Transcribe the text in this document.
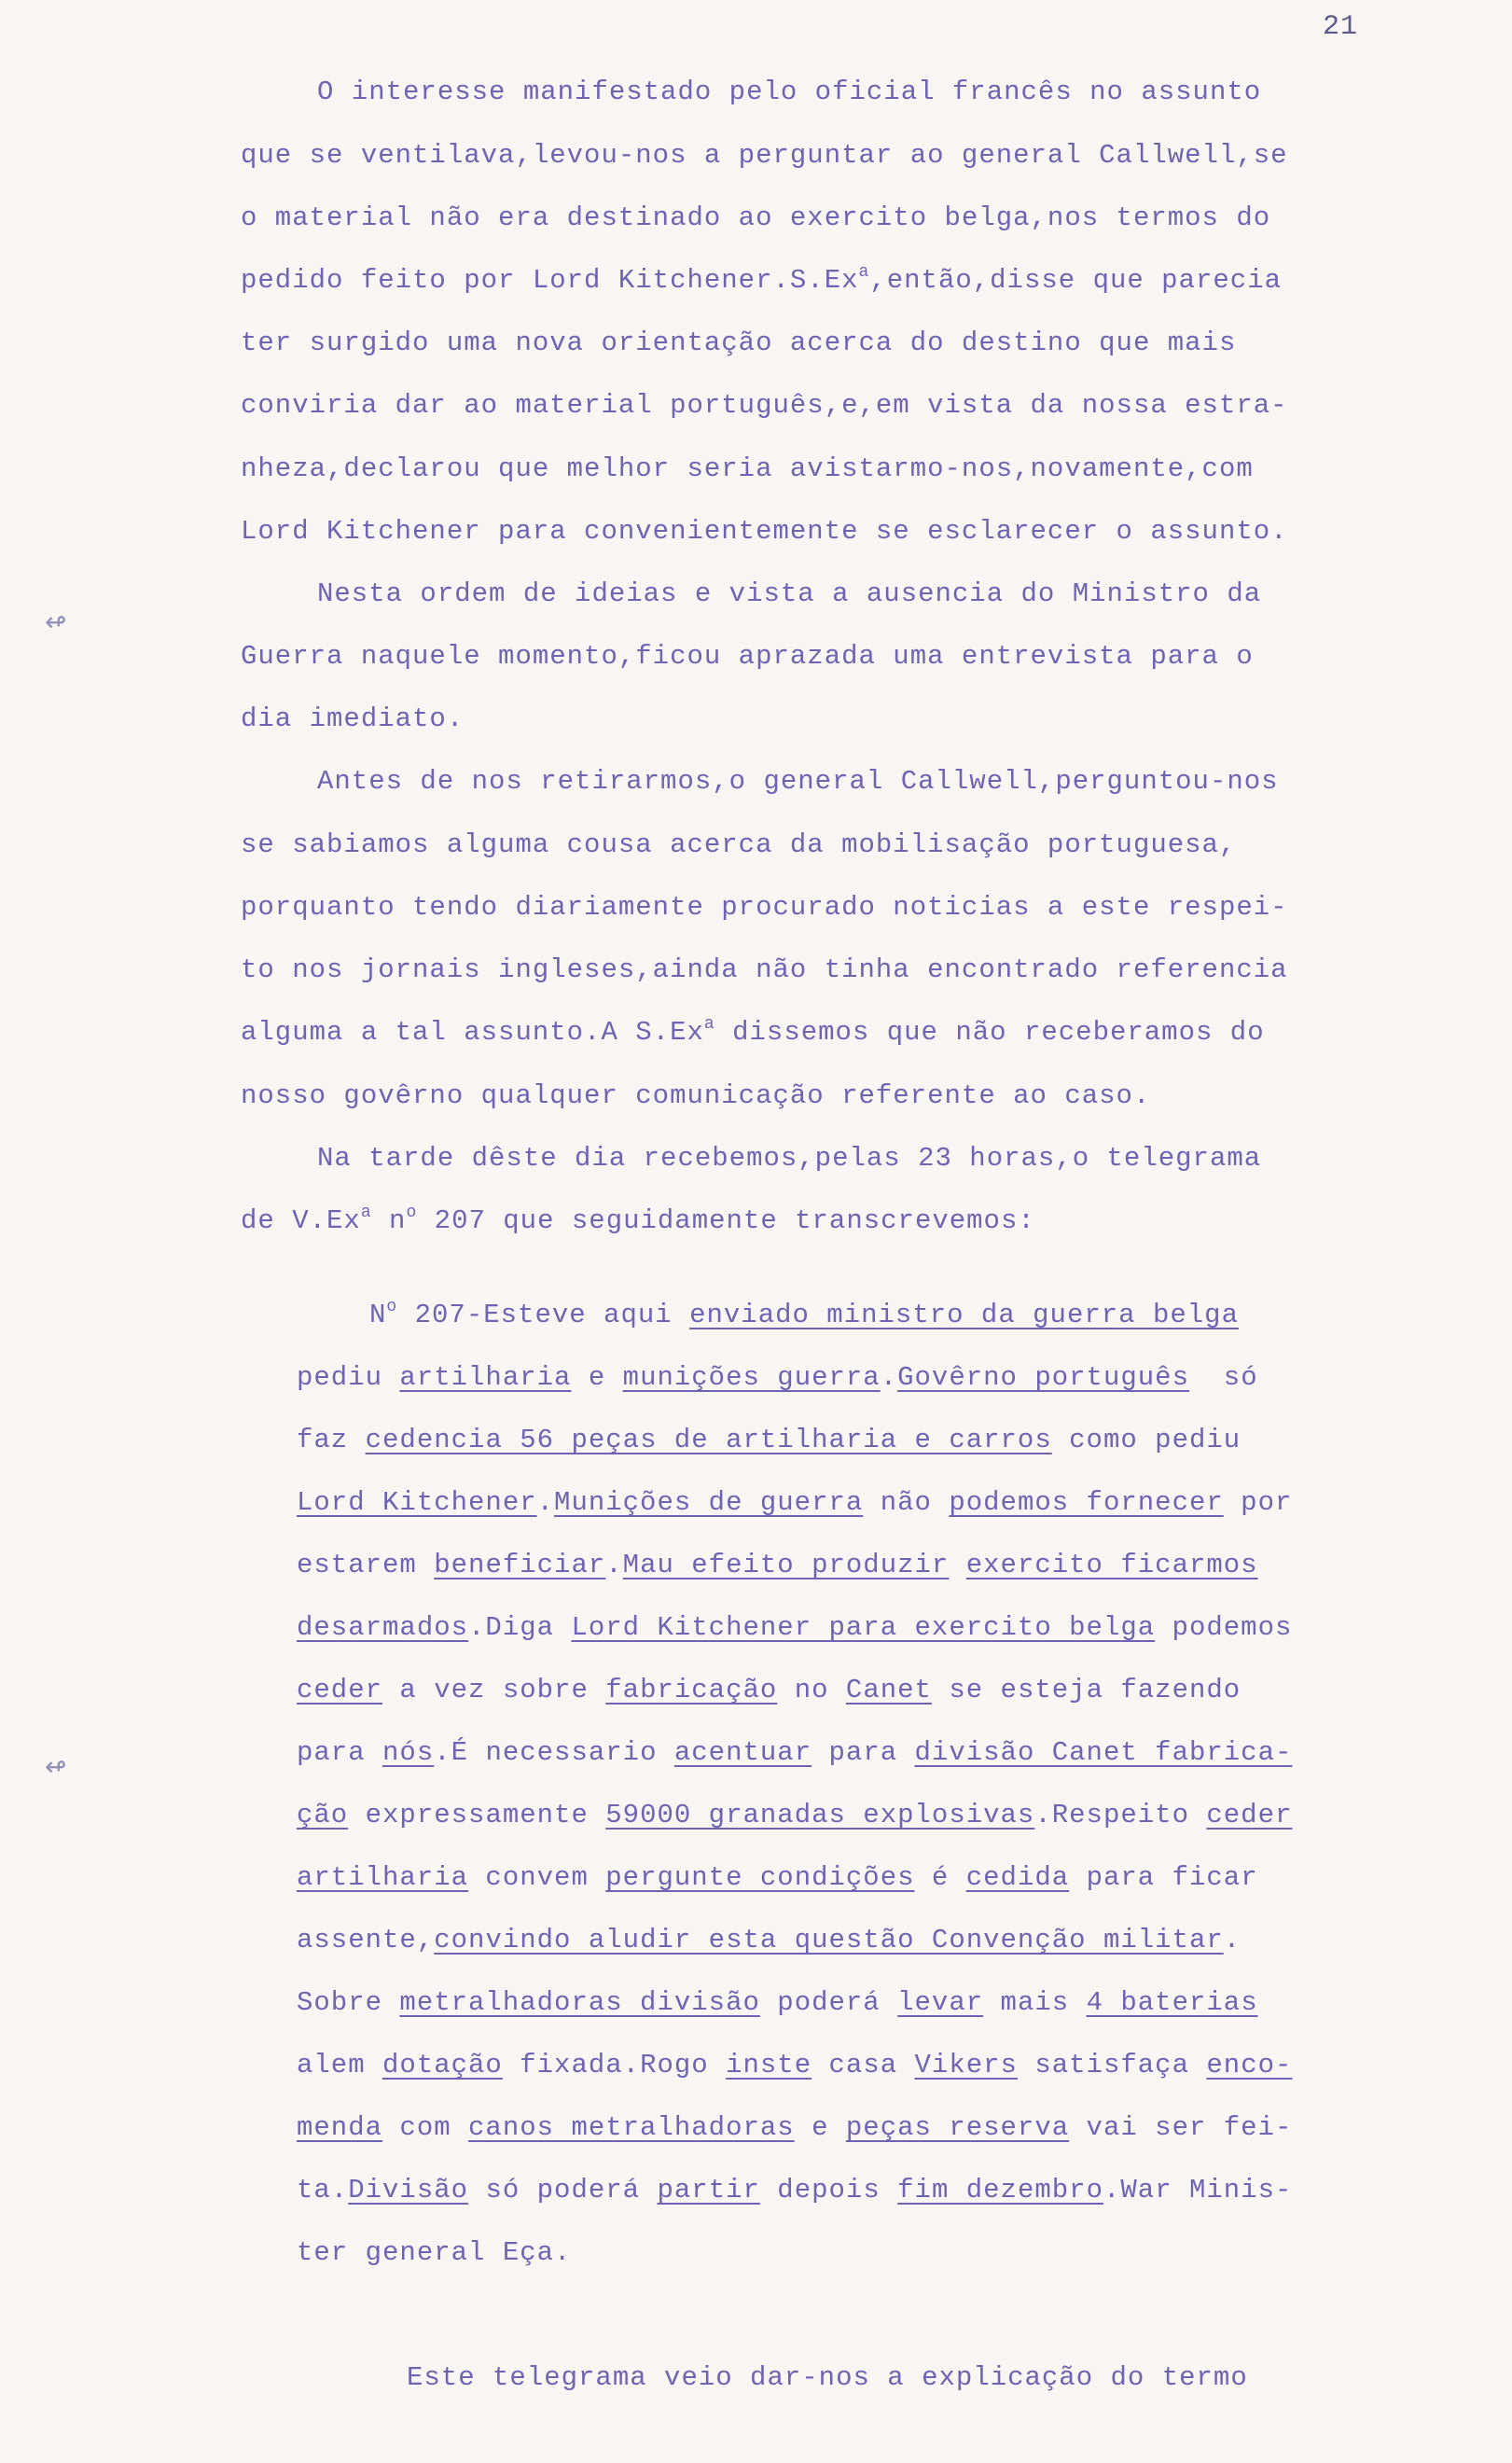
21
↫
↫
O interesse manifestado pelo oficial francês no assunto
que se ventilava,levou-nos a perguntar ao general Callwell,se
o material não era destinado ao exercito belga,nos termos do
pedido feito por Lord Kitchener.S.Ex$^a$,então,disse que parecia
ter surgido uma nova orientação acerca do destino que mais
conviria dar ao material português,e,em vista da nossa estra-
nheza,declarou que melhor seria avistarmo-nos,novamente,com
Lord Kitchener para convenientemente se esclarecer o assunto.
Nesta ordem de ideias e vista a ausencia do Ministro da
Guerra naquele momento,ficou aprazada uma entrevista para o
dia imediato.
Antes de nos retirarmos,o general Callwell,perguntou-nos
se sabiamos alguma cousa acerca da mobilisação portuguesa,
porquanto tendo diariamente procurado noticias a este respei-
to nos jornais ingleses,ainda não tinha encontrado referencia
alguma a tal assunto.A S.Ex$^a$ dissemos que não receberamos do
nosso govêrno qualquer comunicação referente ao caso.
Na tarde dêste dia recebemos,pelas 23 horas,o telegrama
de V.Ex$^a$ $n^o$ 207 que seguidamente transcrevemos:
$N^o$ 207-Esteve aqui enviado ministro da guerra belga
pediu artilharia e munições guerra.Govêrno português  só
faz cedencia 56 peças de artilharia e carros como pediu
Lord Kitchener.Munições de guerra não podemos fornecer por
estarem beneficiar.Mau efeito produzir exercito ficarmos
desarmados.Diga Lord Kitchener para exercito belga podemos
ceder a vez sobre fabricação no Canet se esteja fazendo
para nós.É necessario acentuar para divisão Canet fabrica-
ção expressamente 59000 granadas explosivas.Respeito ceder
artilharia convem pergunte condições é cedida para ficar
assente,convindo aludir esta questão Convenção militar.
Sobre metralhadoras divisão poderá levar mais 4 baterias
alem dotação fixada.Rogo inste casa Vikers satisfaça enco-
menda com canos metralhadoras e peças reserva vai ser fei-
ta.Divisão só poderá partir depois fim dezembro.War Minis-
ter general Eça.
Este telegrama veio dar-nos a explicação do termo
